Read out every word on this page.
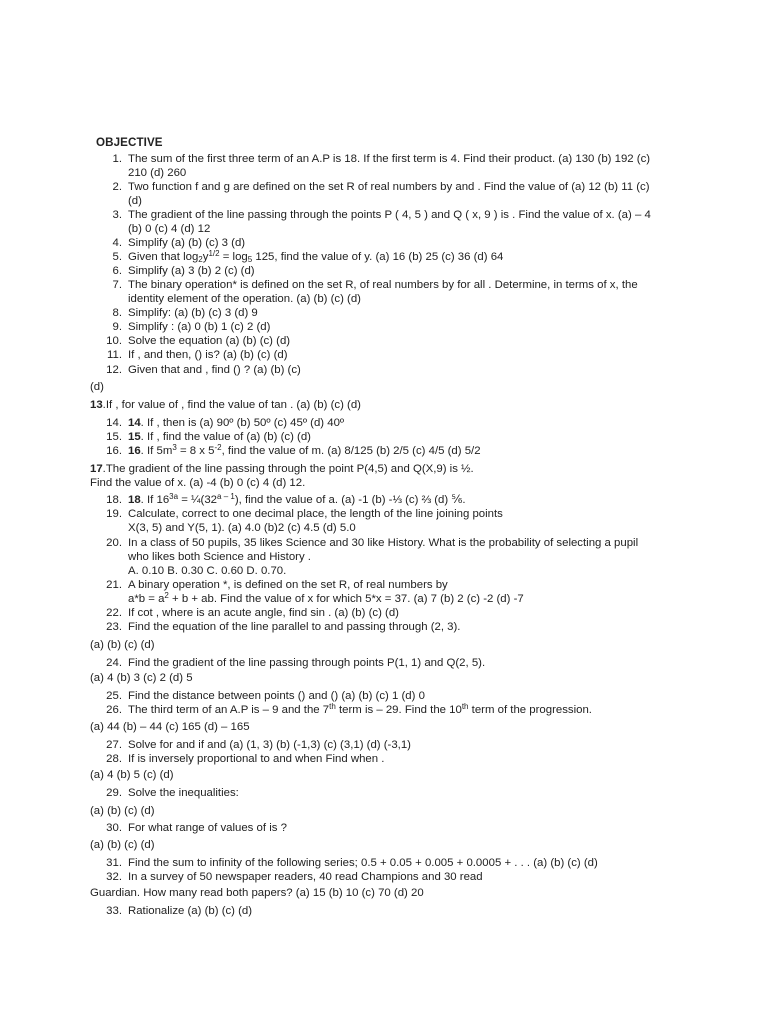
OBJECTIVE
1. The sum of the first three term of an A.P is 18. If the first term is 4. Find their product. (a) 130 (b) 192 (c)
210 (d) 260
2. Two function f and g are defined on the set R of real numbers by and . Find the value of (a) 12 (b) 11 (c)
(d)
3. The gradient of the line passing through the points P ( 4, 5 ) and Q ( x, 9 ) is . Find the value of x. (a) – 4
(b) 0 (c) 4 (d) 12
4. Simplify (a) (b) (c) 3 (d)
5. Given that $\log_2y^{1/2} = \log_5 125$, find the value of y. (a) 16 (b) 25 (c) 36 (d) 64
6. Simplify (a) 3 (b) 2 (c) (d)
7. The binary operation* is defined on the set R, of real numbers by for all . Determine, in terms of x, the
identity element of the operation. (a) (b) (c) (d)
8. Simplify: (a) (b) (c) 3 (d) 9
9. Simplify : (a) 0 (b) 1 (c) 2 (d)
10. Solve the equation (a) (b) (c) (d)
11. If , and then, () is? (a) (b) (c) (d)
12. Given that and , find () ? (a) (b) (c)
(d)
13.If , for value of , find the value of tan . (a) (b) (c) (d)
14. 14. If , then is (a) 90º (b) 50º (c) 45º (d) 40º
15. 15. If , find the value of (a) (b) (c) (d)
16. 16. If $5m^3 = 8$ x $5^{-2}$, find the value of m. (a) 8/125 (b) 2/5 (c) 4/5 (d) 5/2
17.The gradient of the line passing through the point P(4,5) and Q(X,9) is ½.
Find the value of x. (a) -4 (b) 0 (c) 4 (d) 12.
18. 18. If $16^{3a}$ = $\frac{1}{4}(32^{a - 1})$, find the value of a. (a) -1 (b) -⅓ (c) ⅔ (d) ⅚.
19. Calculate, correct to one decimal place, the length of the line joining points
X(3, 5) and Y(5, 1). (a) 4.0 (b)2 (c) 4.5 (d) 5.0
20. In a class of 50 pupils, 35 likes Science and 30 like History. What is the probability of selecting a pupil
who likes both Science and History .
A. 0.10 B. 0.30 C. 0.60 D. 0.70.
21. A binary operation *, is defined on the set R, of real numbers by
$a*b = a^2 + b$ + ab. Find the value of x for which 5*x = 37. (a) 7 (b) 2 (c) -2 (d) -7
22. If cot , where is an acute angle, find sin . (a) (b) (c) (d)
23. Find the equation of the line parallel to and passing through (2, 3).
(a) (b) (c) (d)
24. Find the gradient of the line passing through points P(1, 1) and Q(2, 5).
(a) 4 (b) 3 (c) 2 (d) 5
25. Find the distance between points () and () (a) (b) (c) 1 (d) 0
26. The third term of an A.P is – 9 and the 7th term is – 29. Find the 10th term of the progression.
(a) 44 (b) – 44 (c) 165 (d) – 165
27. Solve for and if and (a) (1, 3) (b) (-1,3) (c) (3,1) (d) (-3,1)
28. If is inversely proportional to and when Find when .
(a) 4 (b) 5 (c) (d)
29. Solve the inequalities:
(a) (b) (c) (d)
30. For what range of values of is ?
(a) (b) (c) (d)
31. Find the sum to infinity of the following series; 0.5 + 0.05 + 0.005 + 0.0005 + . . . (a) (b) (c) (d)
32. In a survey of 50 newspaper readers, 40 read Champions and 30 read
Guardian. How many read both papers? (a) 15 (b) 10 (c) 70 (d) 20
33. Rationalize (a) (b) (c) (d)
